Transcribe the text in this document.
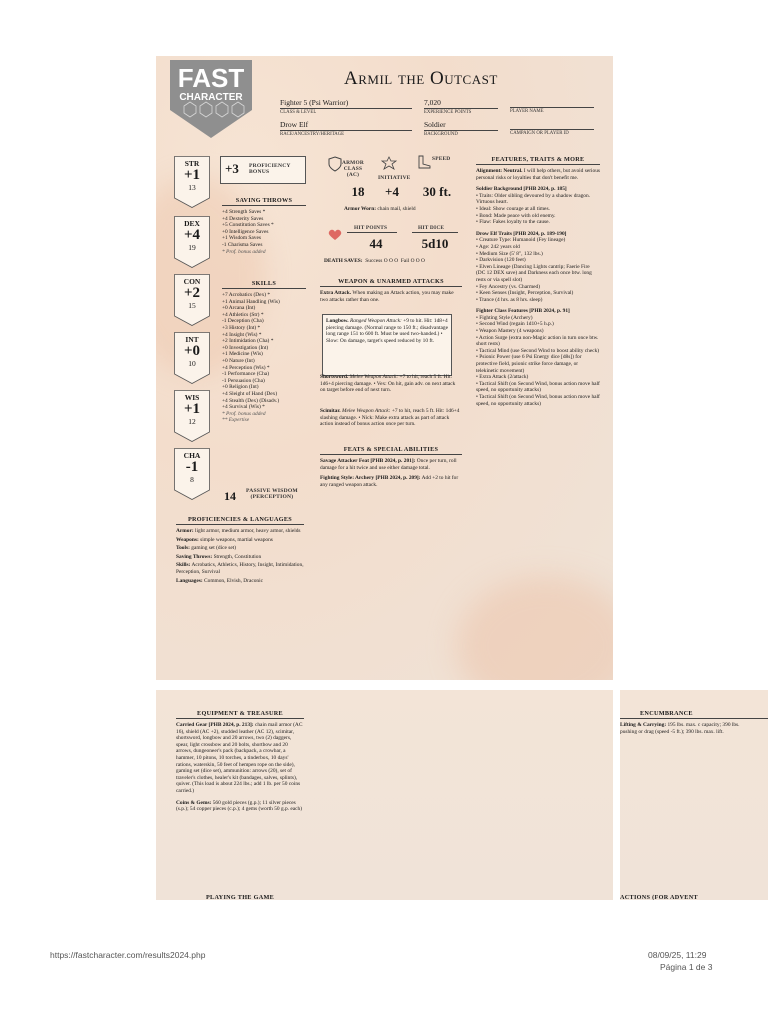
FAST
CHARACTER
Armil the Outcast
Fighter 5 (Psi Warrior)
CLASS & LEVEL
7,020
EXPERIENCE POINTS	PLAYER NAME
Drow Elf
RACE/ANCESTRY/HERITAGE
Soldier
BACKGROUND	CAMPAIGN OR PLAYER ID
STR
+1
13
DEX
+4
19
CON
+2
15
INT
+0
10
WIS
+1
12
CHA
-1
8
+3 PROFICIENCY
BONUS
SAVING THROWS
+4 Strength Saves *
+4 Dexterity Saves
+5 Constitution Saves *
+0 Intelligence Saves
+1 Wisdom Saves
-1 Charisma Saves
* Prof. bonus added
SKILLS
+7 Acrobatics (Dex) *
+1 Animal Handling (Wis)
+0 Arcana (Int)
+4 Athletics (Str) *
-1 Deception (Cha)
+3 History (Int) *
+4 Insight (Wis) *
+2 Intimidation (Cha) *
+0 Investigation (Int)
+1 Medicine (Wis)
+0 Nature (Int)
+4 Perception (Wis) *
-1 Performance (Cha)
-1 Persuasion (Cha)
+0 Religion (Int)
+4 Sleight of Hand (Dex)
+4 Stealth (Dex) (Disadv.)
+4 Survival (Wis) *
* Prof. bonus added
** Expertise
14 PASSIVE WISDOM
(PERCEPTION)
PROFICIENCIES & LANGUAGES
Armor: light armor, medium armor, heavy armor, shields
Weapons: simple weapons, martial weapons
Tools: gaming set (dice set)
Saving Throws: Strength, Constitution
Skills: Acrobatics, Athletics, History, Insight, Intimidation, Perception, Survival
Languages: Common, Elvish, Draconic
ARMOR
CLASS
(AC)
18
INITIATIVE
+4
SPEED
30 ft.
Armor Worn: chain mail, shield
HIT POINTS
44
HIT DICE
5d10
DEATH SAVES: Success O O O Fail O O O
WEAPON & UNARMED ATTACKS
Extra Attack. When making an Attack action, you may make two attacks rather than one.
Longbow. Ranged Weapon Attack: +9 to hit. Hit: 1d8+4 piercing damage. (Normal range to 150 ft.; disadvantage long range 151 to 600 ft. Must be used two-handed.) • Slow: On damage, target's speed reduced by 10 ft.
Shortsword. Melee Weapon Attack: +7 to hit, reach 5 ft. Hit: 1d6+4 piercing damage. • Vex: On hit, gain adv. on next attack on target before end of next turn.
Scimitar. Melee Weapon Attack: +7 to hit, reach 5 ft. Hit: 1d6+4 slashing damage. • Nick: Make extra attack as part of attack action instead of bonus action once per turn.
FEATS & SPECIAL ABILITIES
Savage Attacker Feat [PHB 2024, p. 201]: Once per turn, roll damage for a hit twice and use either damage total.
Fighting Style: Archery [PHB 2024, p. 209]: Add +2 to hit for any ranged weapon attack.
FEATURES, TRAITS & MORE
Alignment: Neutral. I will help others, but avoid serious personal risks or loyalties that don't benefit me.
Soldier Background [PHB 2024, p. 185]
• Traits: Older sibling devoured by a shadow dragon. Virtuous heart.
• Ideal: Show courage at all times.
• Bond: Made peace with old enemy.
• Flaw: Fakes loyalty to the cause.
Drow Elf Traits [PHB 2024, p. 189-190]
• Creature Type: Humanoid (Fey lineage)
• Age: 242 years old
• Medium Size (5' 8", 132 lbs.)
• Darkvision (120 feet)
• Elven Lineage (Dancing Lights cantrip; Faerie Fire (DC 12 DEX save) and Darkness each once btw. long rests or via spell slot)
• Fey Ancestry (vs. Charmed)
• Keen Senses (Insight, Perception, Survival)
• Trance (4 hrs. as 8 hrs. sleep)
Fighter Class Features [PHB 2024, p. 91]
• Fighting Style (Archery)
• Second Wind (regain 1d10+5 h.p.)
• Weapon Mastery (4 weapons)
• Action Surge (extra non-Magic action in turn once btw. short rests)
• Tactical Mind (use Second Wind to boost ability check)
• Psionic Power (use 6 Psi Energy dice [d8s]) for protective field, psionic strike force damage, or telekinetic movement)
• Extra Attack (2/attack)
• Tactical Shift (on Second Wind, bonus action move half speed, no opportunity attacks)
• Tactical Shift (on Second Wind, bonus action move half speed, no opportunity attacks)
EQUIPMENT & TREASURE
Carried Gear [PHB 2024, p. 213]: chain mail armor (AC 16), shield (AC +2), studded leather (AC 12), scimitar, shortsword, longbow and 20 arrows, two (2) daggers, spear, light crossbow and 20 bolts, shortbow and 20 arrows, dungeoneer's pack (backpack, a crowbar, a hammer, 10 pitons, 10 torches, a tinderbox, 10 days' rations, waterskin, 50 feet of hempen rope on the side), gaming set (dice set), ammunition: arrows (20), set of traveler's clothes, healer's kit (bandages, salves, splints), quiver. (This load is about 224 lbs.; add 1 lb. per 50 coins carried.)
Coins & Gems: 560 gold pieces (g.p.); 11 silver pieces (s.p.); 54 copper pieces (c.p.); 4 gems (worth 50 g.p. each)
PLAYING THE GAME
ENCUMBRANCE
Lifting & Carrying: 195 lbs. max. c capacity; 390 lbs. pushing or drag (speed -5 ft.); 390 lbs. max. lift.
ACTIONS (FOR ADVENT
https://fastcharacter.com/results2024.php	08/09/25, 11:29
Página 1 de 3
